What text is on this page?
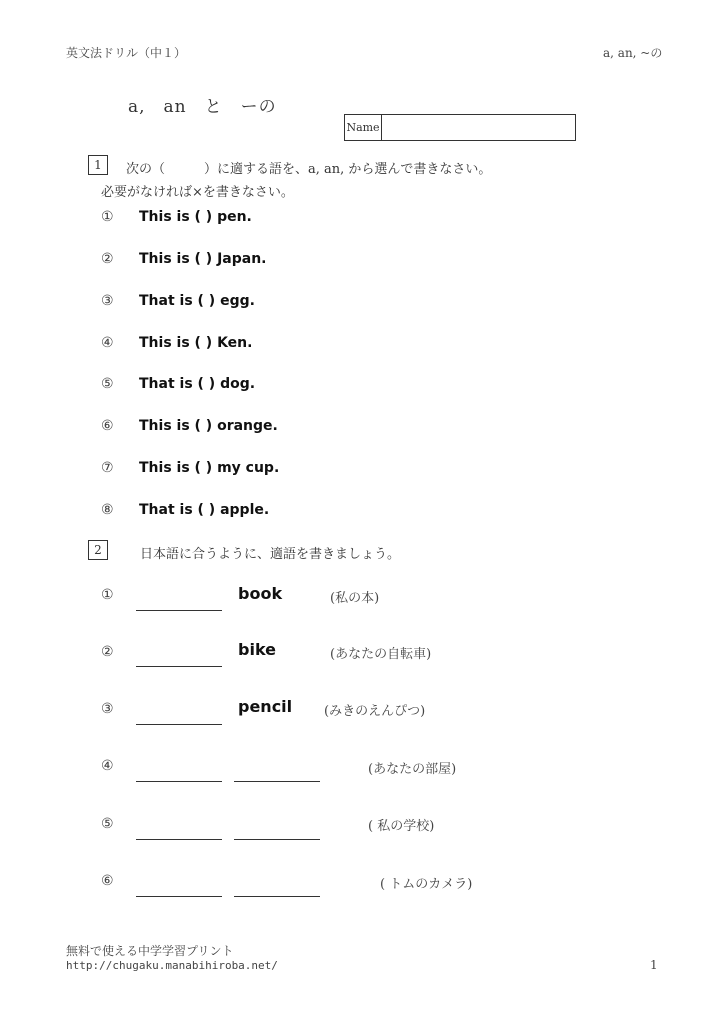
英文法ドリル（中１）	a, an, ~の
a,　an　と　ーの
Name
1	次の（　　　）に適する語を、a, an, から選んで書きなさい。
必要がなければ×を書きなさい。
① This is ( ) pen.
② This is ( ) Japan.
③ That is ( ) egg.
④ This is ( ) Ken.
⑤ That is ( ) dog.
⑥ This is ( ) orange.
⑦ This is ( ) my cup.
⑧ That is ( ) apple.
2	日本語に合うように、適語を書きましょう。
①	book	(私の本)
②	bike	(あなたの自転車)
③	pencil (みきのえんぴつ)
④	(あなたの部屋)
⑤	( 私の学校)
⑥	( トムのカメラ)
無料で使える中学学習プリント
http://chugaku.manabihiroba.net/	1
